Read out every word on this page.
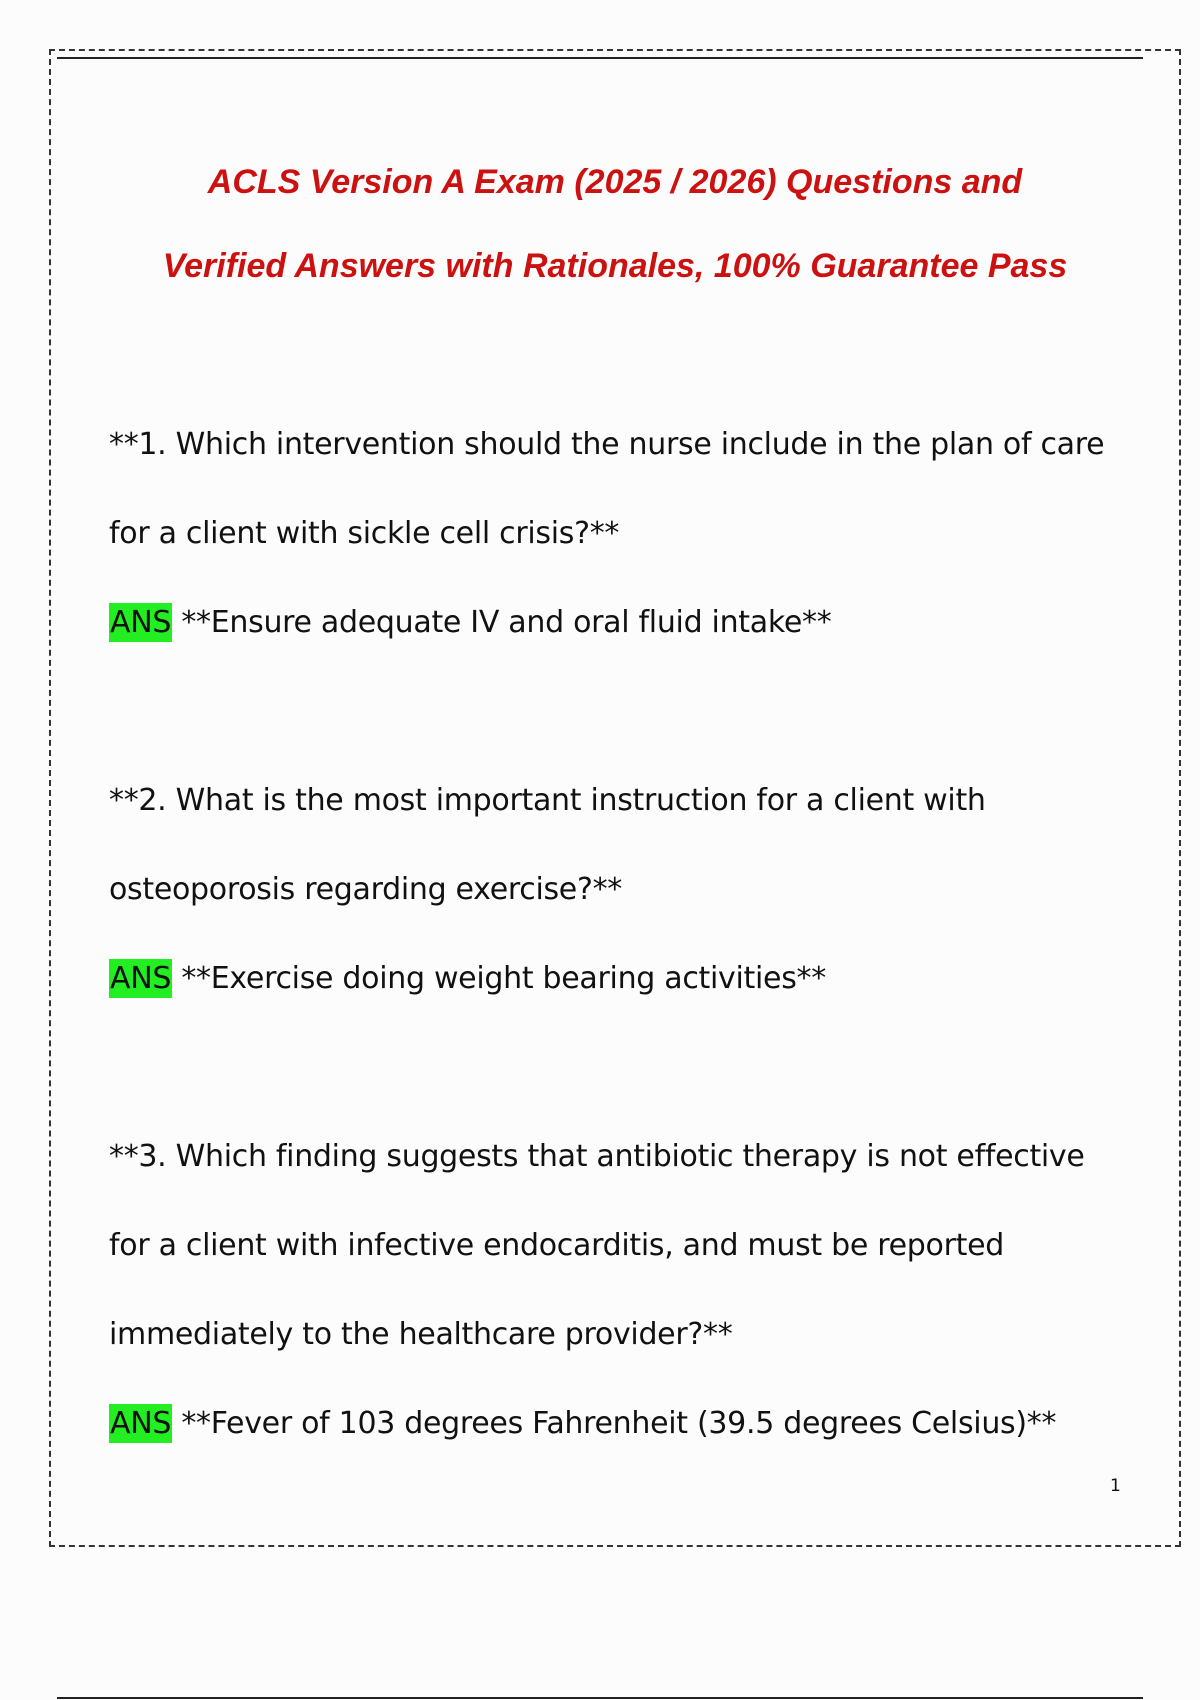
ACLS Version A Exam (2025 / 2026) Questions and
Verified Answers with Rationales, 100% Guarantee Pass
**1. Which intervention should the nurse include in the plan of care
for a client with sickle cell crisis?**
ANS **Ensure adequate IV and oral fluid intake**
**2. What is the most important instruction for a client with
osteoporosis regarding exercise?**
ANS **Exercise doing weight bearing activities**
**3. Which finding suggests that antibiotic therapy is not effective
for a client with infective endocarditis, and must be reported
immediately to the healthcare provider?**
ANS **Fever of 103 degrees Fahrenheit (39.5 degrees Celsius)**
1
